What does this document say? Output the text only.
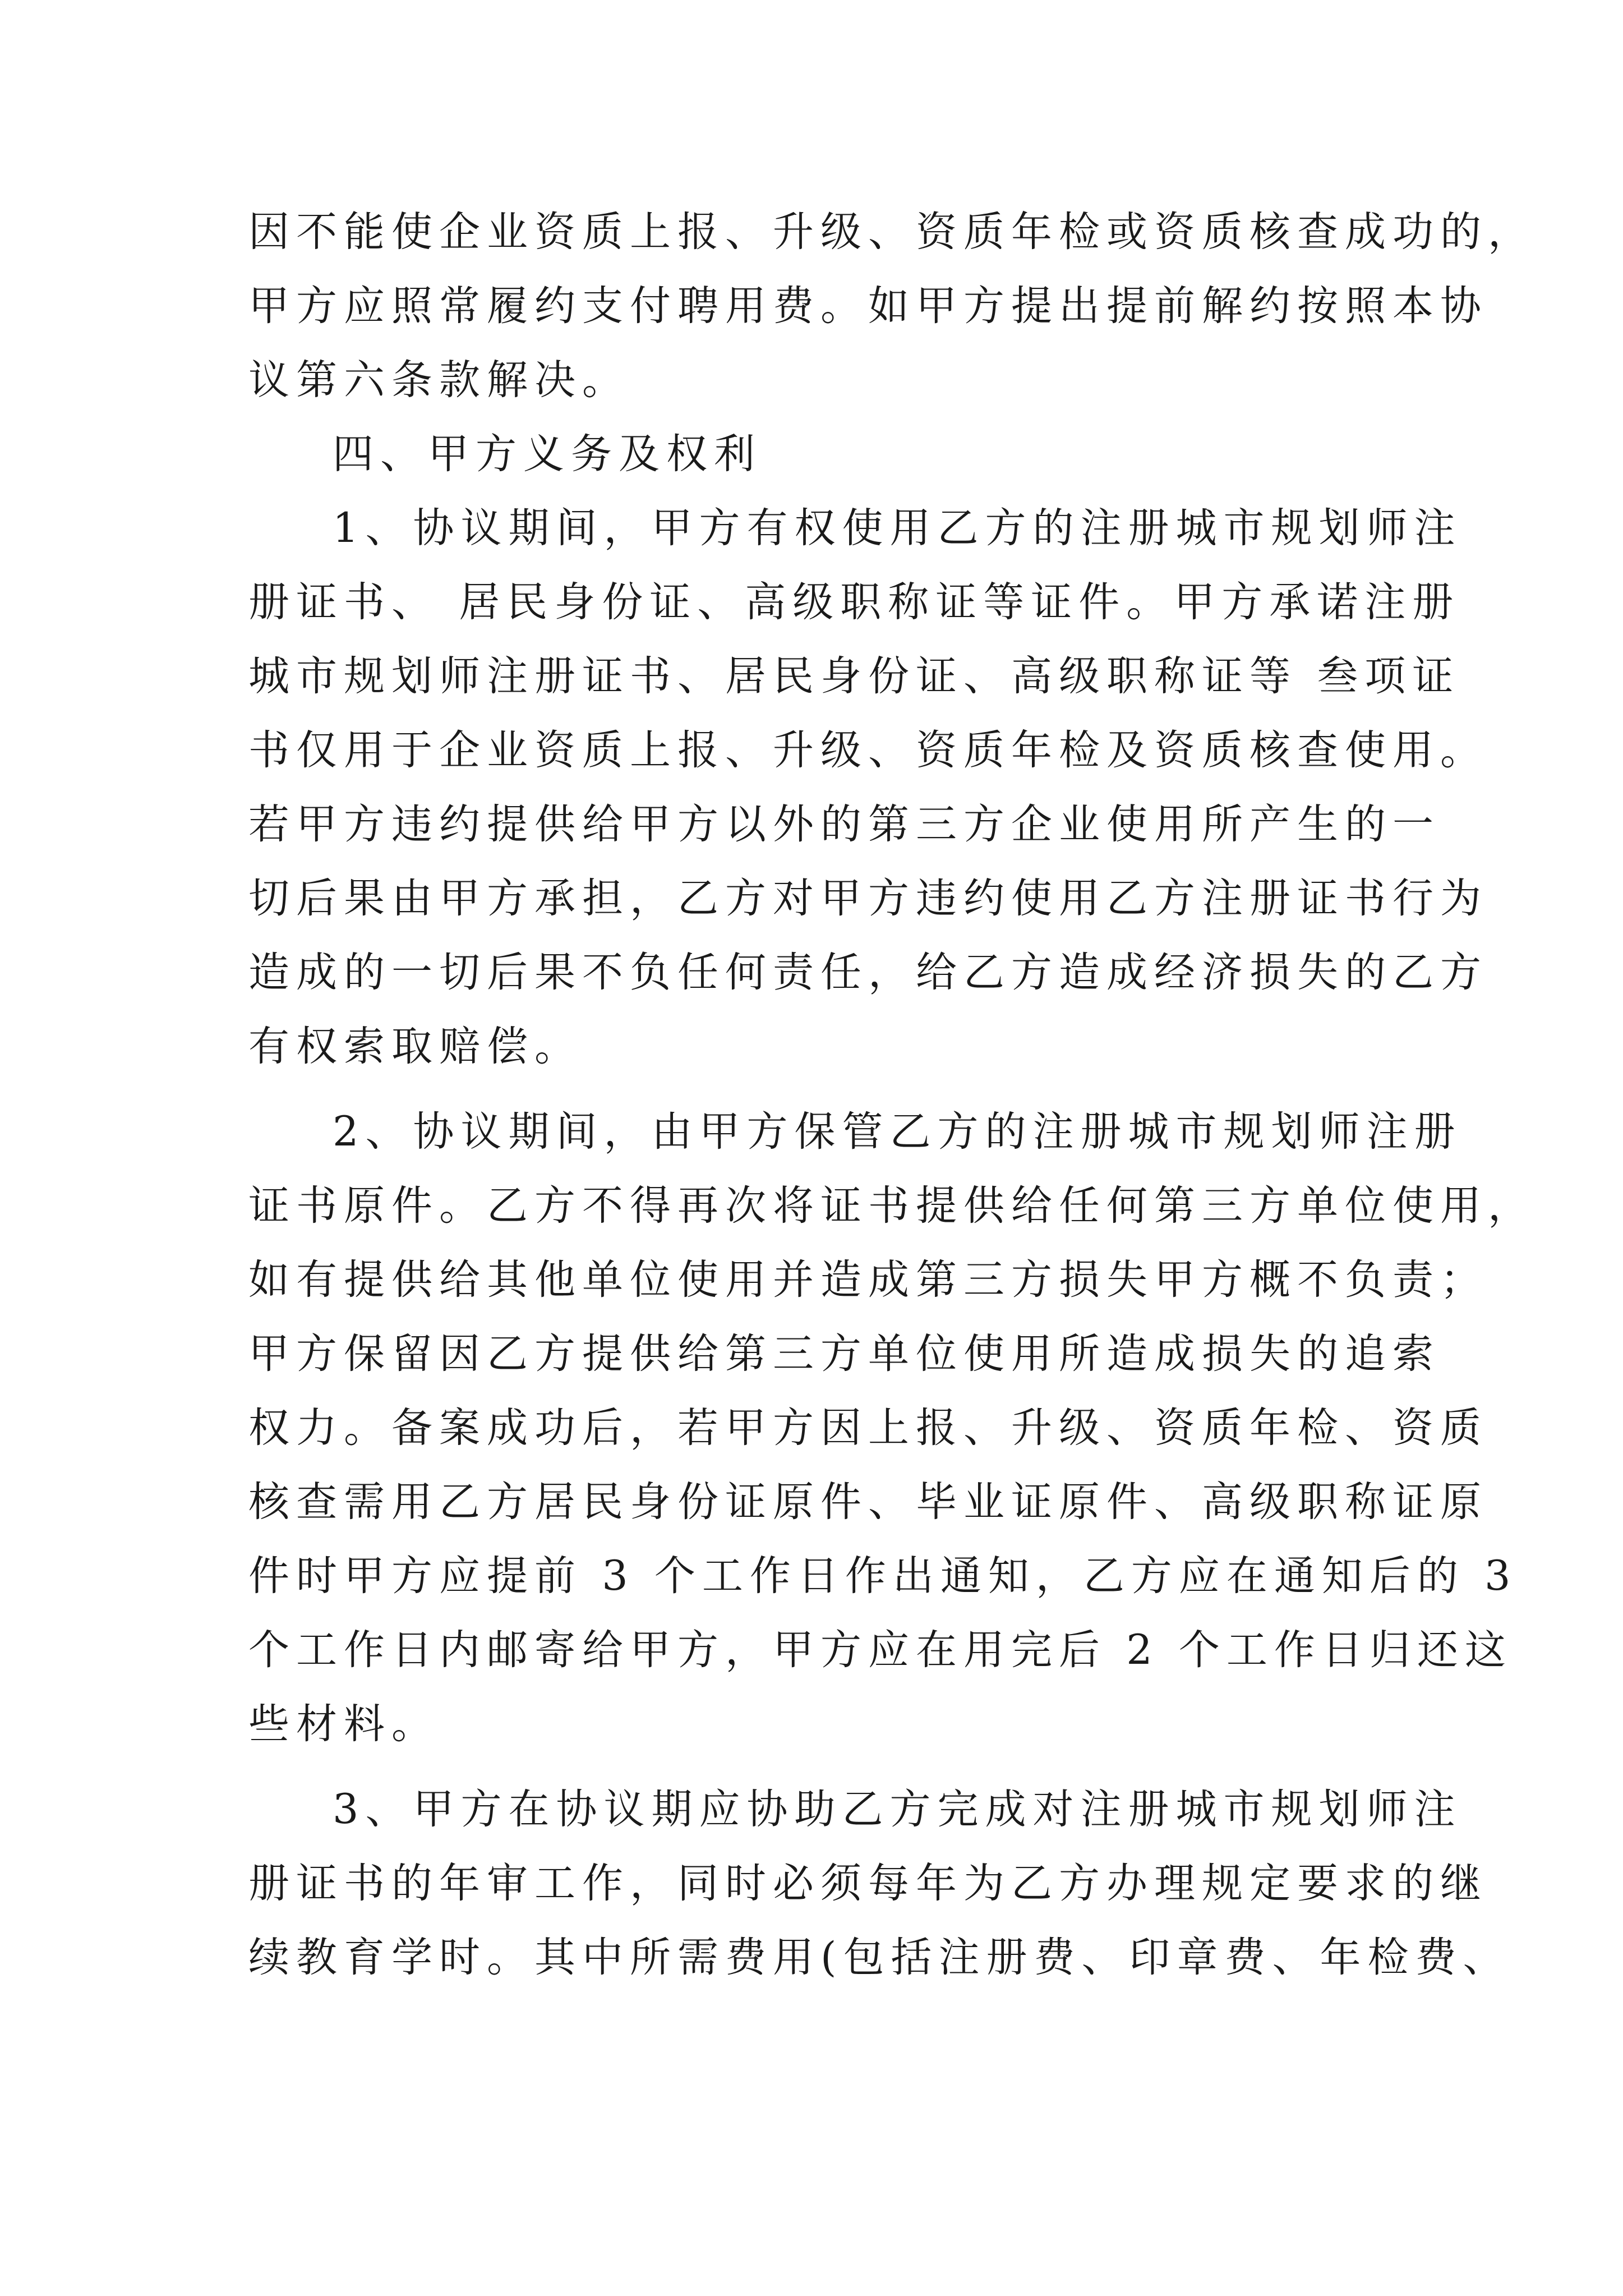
因不能使企业资质上报、升级、资质年检或资质核查成功的，
甲方应照常履约支付聘用费。如甲方提出提前解约按照本协
议第六条款解决。
四、甲方义务及权利
1、协议期间，甲方有权使用乙方的注册城市规划师注
册证书、 居民身份证、高级职称证等证件。甲方承诺注册
城市规划师注册证书、居民身份证、高级职称证等 叁项证
书仅用于企业资质上报、升级、资质年检及资质核查使用。
若甲方违约提供给甲方以外的第三方企业使用所产生的一
切后果由甲方承担，乙方对甲方违约使用乙方注册证书行为
造成的一切后果不负任何责任，给乙方造成经济损失的乙方
有权索取赔偿。
2、协议期间，由甲方保管乙方的注册城市规划师注册
证书原件。乙方不得再次将证书提供给任何第三方单位使用，
如有提供给其他单位使用并造成第三方损失甲方概不负责；
甲方保留因乙方提供给第三方单位使用所造成损失的追索
权力。备案成功后，若甲方因上报、升级、资质年检、资质
核查需用乙方居民身份证原件、毕业证原件、高级职称证原
件时甲方应提前 3 个工作日作出通知，乙方应在通知后的 3
个工作日内邮寄给甲方，甲方应在用完后 2 个工作日归还这
些材料。
3、甲方在协议期应协助乙方完成对注册城市规划师注
册证书的年审工作，同时必须每年为乙方办理规定要求的继
续教育学时。其中所需费用(包括注册费、印章费、年检费、
